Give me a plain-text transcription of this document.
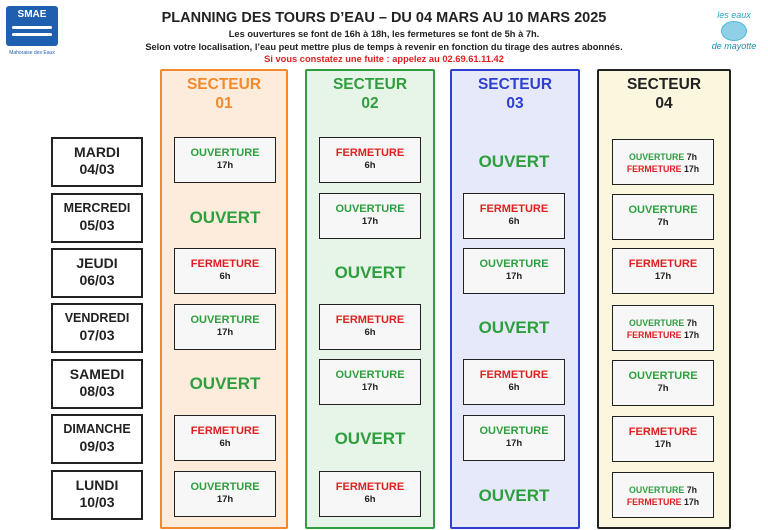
SMAE
Mahoraise des Eaux
les eaux
de mayotte
PLANNING DES TOURS D’EAU – DU 04 MARS AU 10 MARS 2025
Les ouvertures se font de 16h à 18h, les fermetures se font de 5h à 7h.
Selon votre localisation, l’eau peut mettre plus de temps à revenir en fonction du tirage des autres abonnés.
Si vous constatez une fuite : appelez au 02.69.61.11.42
SECTEUR
01
SECTEUR
02
SECTEUR
03
SECTEUR
04
MARDI
04/03
MERCREDI
05/03
JEUDI
06/03
VENDREDI
07/03
SAMEDI
08/03
DIMANCHE
09/03
LUNDI
10/03
OUVERTURE
17h
OUVERT
FERMETURE
6h
OUVERTURE
17h
OUVERT
FERMETURE
6h
OUVERTURE
17h
FERMETURE
6h
OUVERTURE
17h
OUVERT
FERMETURE
6h
OUVERTURE
17h
OUVERT
FERMETURE
6h
OUVERT
FERMETURE
6h
OUVERTURE
17h
OUVERT
FERMETURE
6h
OUVERTURE
17h
OUVERT
OUVERTURE 7h
FERMETURE 17h
OUVERTURE
7h
FERMETURE
17h
OUVERTURE 7h
FERMETURE 17h
OUVERTURE
7h
FERMETURE
17h
OUVERTURE 7h
FERMETURE 17h
